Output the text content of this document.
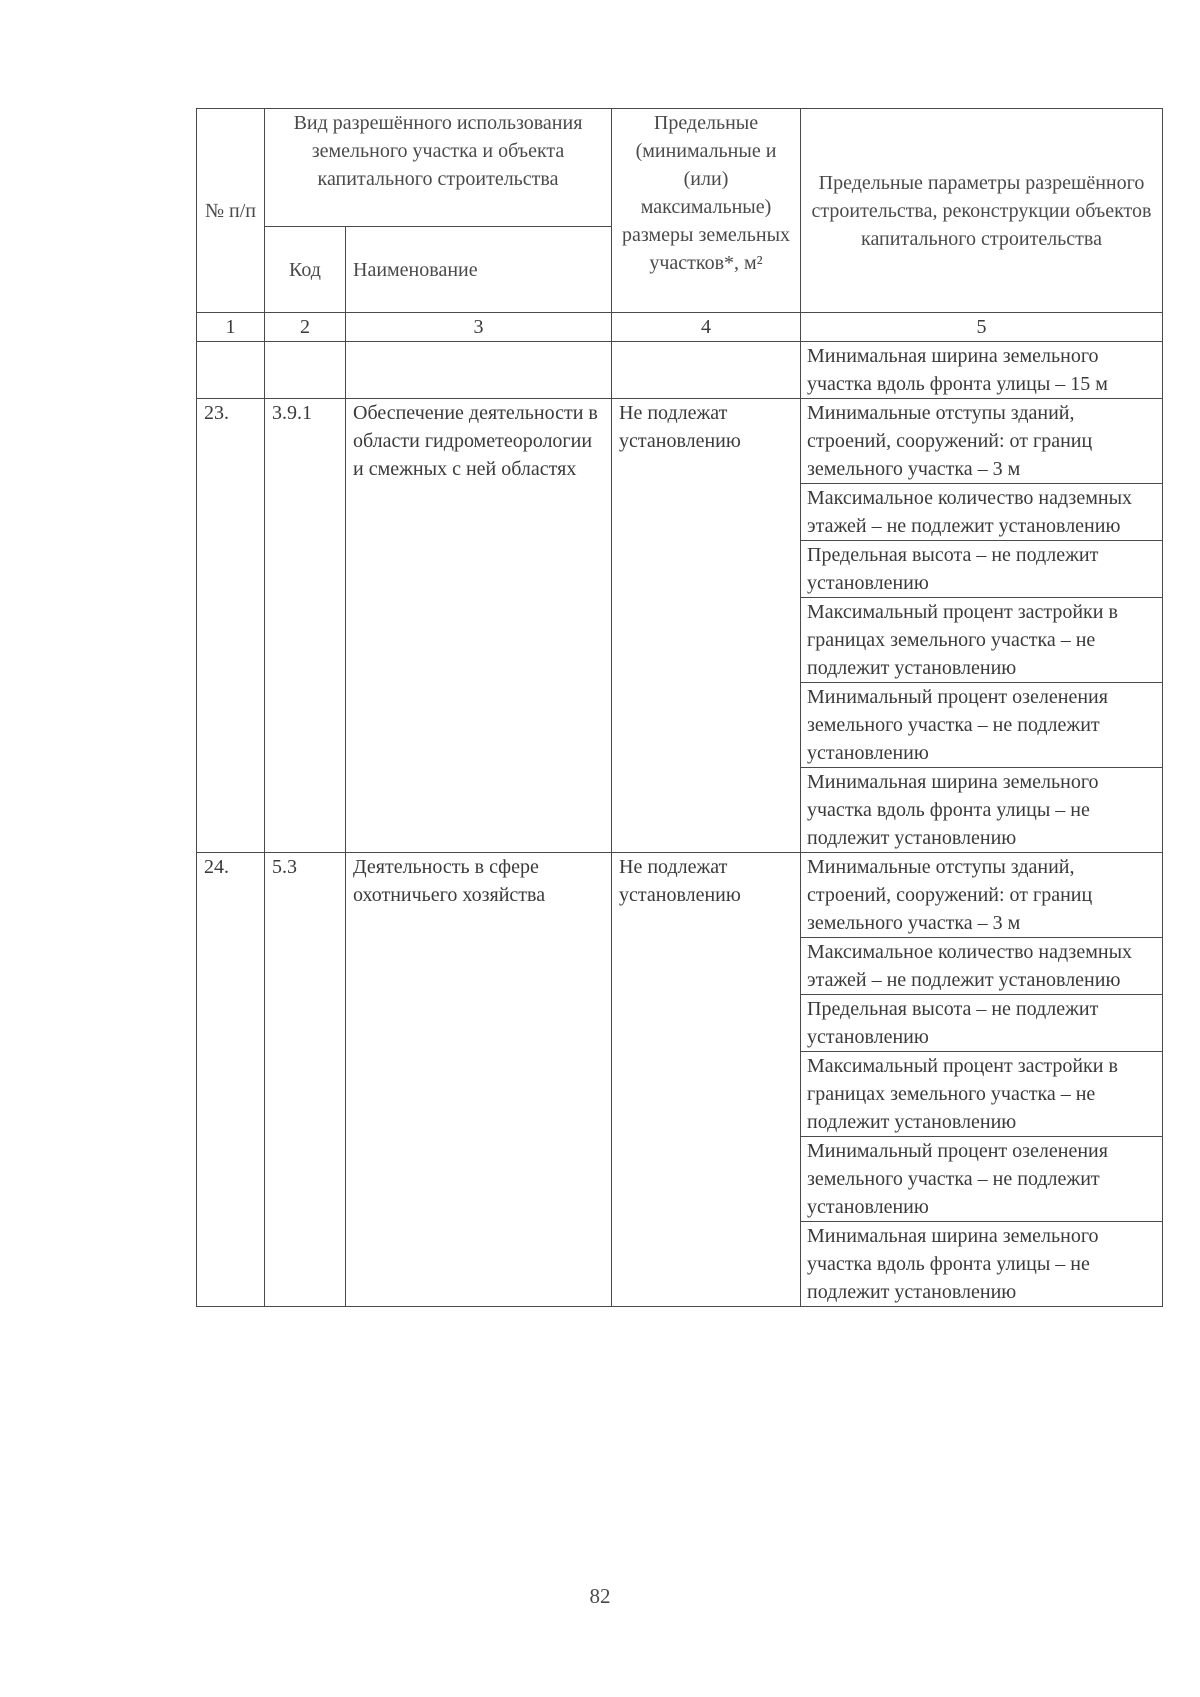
№ п/п	Вид разрешённого использования земельного участка и объекта капитального строительства		Предельные (минимальные и (или) максимальные) размеры земельных участков*, м²	Предельные параметры разрешённого строительства, реконструкции объектов капитального строительства
	Код	Наименование		
1	2	3	4	5
				Минимальная ширина земельного участка вдоль фронта улицы – 15 м
23.	3.9.1	Обеспечение деятельности в области гидрометеорологии и смежных с ней областях	Не подлежат установлению	Минимальные отступы зданий, строений, сооружений: от границ земельного участка – 3 м
				Максимальное количество надземных этажей – не подлежит установлению
				Предельная высота – не подлежит установлению
				Максимальный процент застройки в границах земельного участка – не подлежит установлению
				Минимальный процент озеленения земельного участка – не подлежит установлению
				Минимальная ширина земельного участка вдоль фронта улицы – не подлежит установлению
24.	5.3	Деятельность в сфере охотничьего хозяйства	Не подлежат установлению	Минимальные отступы зданий, строений, сооружений: от границ земельного участка – 3 м
				Максимальное количество надземных этажей – не подлежит установлению
				Предельная высота – не подлежит установлению
				Максимальный процент застройки в границах земельного участка – не подлежит установлению
				Минимальный процент озеленения земельного участка – не подлежит установлению
				Минимальная ширина земельного участка вдоль фронта улицы – не подлежит установлению
82
